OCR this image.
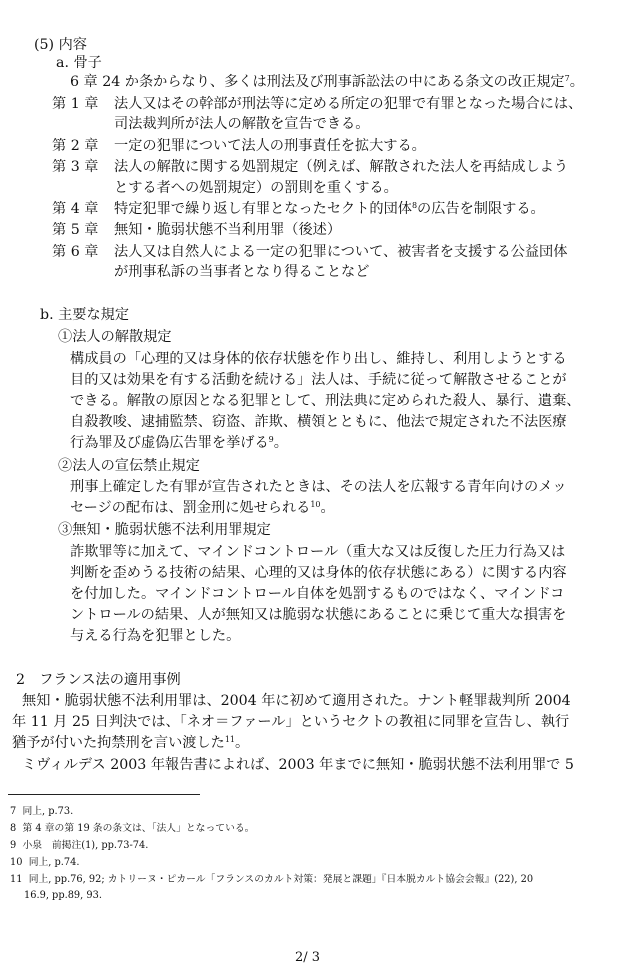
(5) 内容
a. 骨子
6 章 24 か条からなり、多くは刑法及び刑事訴訟法の中にある条文の改正規定$^7$。
第 1 章 法人又はその幹部が刑法等に定める所定の犯罪で有罪となった場合には、
司法裁判所が法人の解散を宣告できる。
第 2 章 一定の犯罪について法人の刑事責任を拡大する。
第 3 章 法人の解散に関する処罰規定（例えば、解散された法人を再結成しよう
とする者への処罰規定）の罰則を重くする。
第 4 章 特定犯罪で繰り返し有罪となったセクト的団体$^8$の広告を制限する。
第 5 章 無知・脆弱状態不当利用罪（後述）
第 6 章 法人又は自然人による一定の犯罪について、被害者を支援する公益団体
が刑事私訴の当事者となり得ることなど
b. 主要な規定
①法人の解散規定
構成員の「心理的又は身体的依存状態を作り出し、維持し、利用しようとする
目的又は効果を有する活動を続ける」法人は、手続に従って解散させることが
できる。解散の原因となる犯罪として、刑法典に定められた殺人、暴行、遺棄、
自殺教唆、逮捕監禁、窃盗、詐欺、横領とともに、他法で規定された不法医療
行為罪及び虚偽広告罪を挙げる$^9$。
②法人の宣伝禁止規定
刑事上確定した有罪が宣告されたときは、その法人を広報する青年向けのメッ
セージの配布は、罰金刑に処せられる$^{10}$。
③無知・脆弱状態不法利用罪規定
詐欺罪等に加えて、マインドコントロール（重大な又は反復した圧力行為又は
判断を歪めうる技術の結果、心理的又は身体的依存状態にある）に関する内容
を付加した。マインドコントロール自体を処罰するものではなく、マインドコ
ントロールの結果、人が無知又は脆弱な状態にあることに乗じて重大な損害を
与える行為を犯罪とした。
2　フランス法の適用事例
無知・脆弱状態不法利用罪は、2004 年に初めて適用された。ナント軽罪裁判所 2004
年 11 月 25 日判決では、「ネオ＝ファール」というセクトの教祖に同罪を宣告し、執行
猶予が付いた拘禁刑を言い渡した$^{11}$。
ミヴィルデス 2003 年報告書によれば、2003 年までに無知・脆弱状態不法利用罪で 5
7 同上, p.73.
8 第 4 章の第 19 条の条文は、「法人」となっている。
9 小泉　前掲注(1), pp.73-74.
10 同上, p.74.
11 同上, pp.76, 92; カトリーヌ・ピカール「フランスのカルト対策：発展と課題」『日本脱カルト協会会報』(22), 20
16.9, pp.89, 93.
2/ 3
